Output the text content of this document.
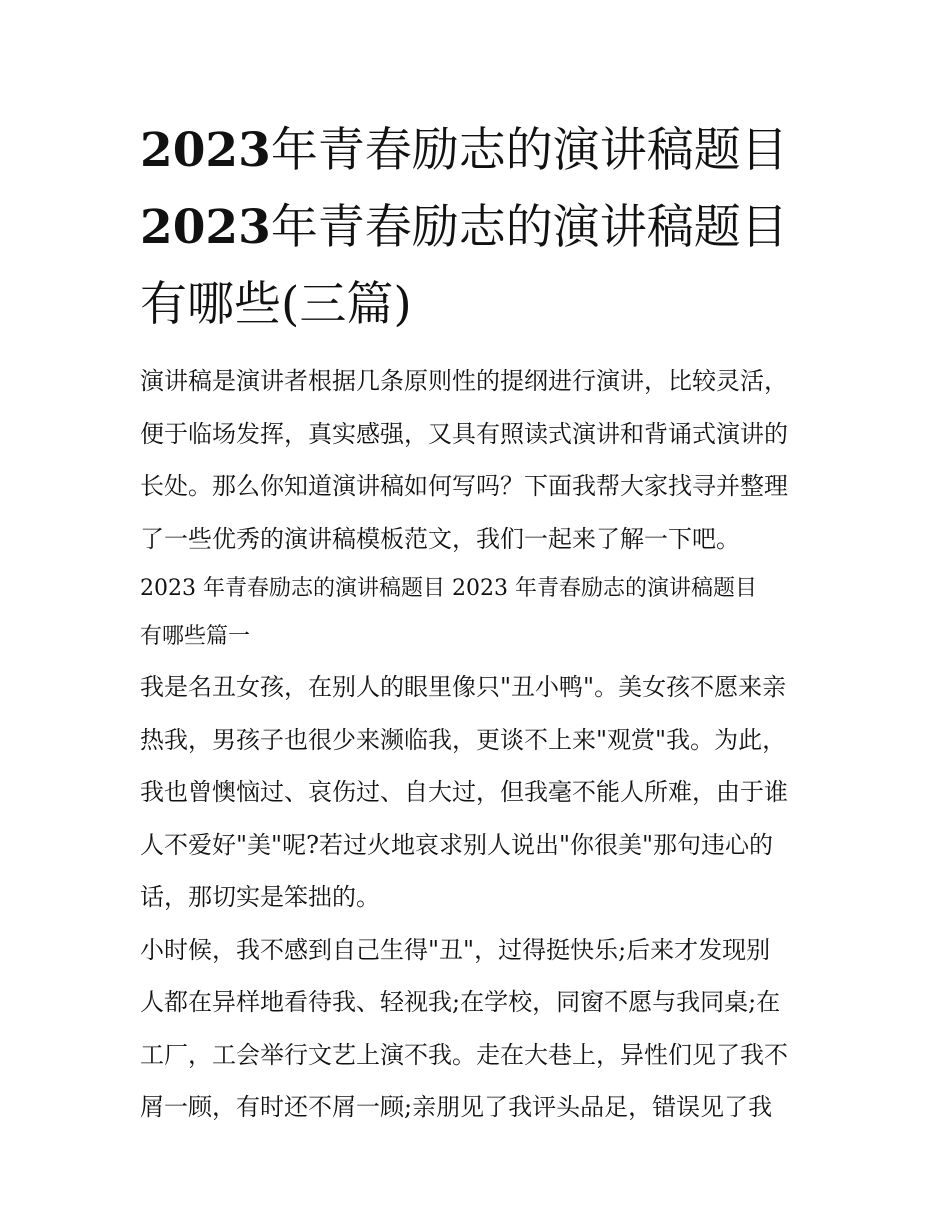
2023年青春励志的演讲稿题目
2023年青春励志的演讲稿题目
有哪些(三篇)

演讲稿是演讲者根据几条原则性的提纲进行演讲，比较灵活，
便于临场发挥，真实感强，又具有照读式演讲和背诵式演讲的
长处。那么你知道演讲稿如何写吗？下面我帮大家找寻并整理
了一些优秀的演讲稿模板范文，我们一起来了解一下吧。

2023 年青春励志的演讲稿题目 2023 年青春励志的演讲稿题目
有哪些篇一

我是名丑女孩，在别人的眼里像只"丑小鸭"。美女孩不愿来亲
热我，男孩子也很少来濒临我，更谈不上来"观赏"我。为此，
我也曾懊恼过、哀伤过、自大过，但我毫不能人所难，由于谁
人不爱好"美"呢?若过火地哀求别人说出"你很美"那句违心的
话，那切实是笨拙的。

小时候，我不感到自己生得"丑"，过得挺快乐;后来才发现别
人都在异样地看待我、轻视我;在学校，同窗不愿与我同桌;在
工厂，工会举行文艺上演不我。走在大巷上，异性们见了我不
屑一顾，有时还不屑一顾;亲朋见了我评头品足，错误见了我
